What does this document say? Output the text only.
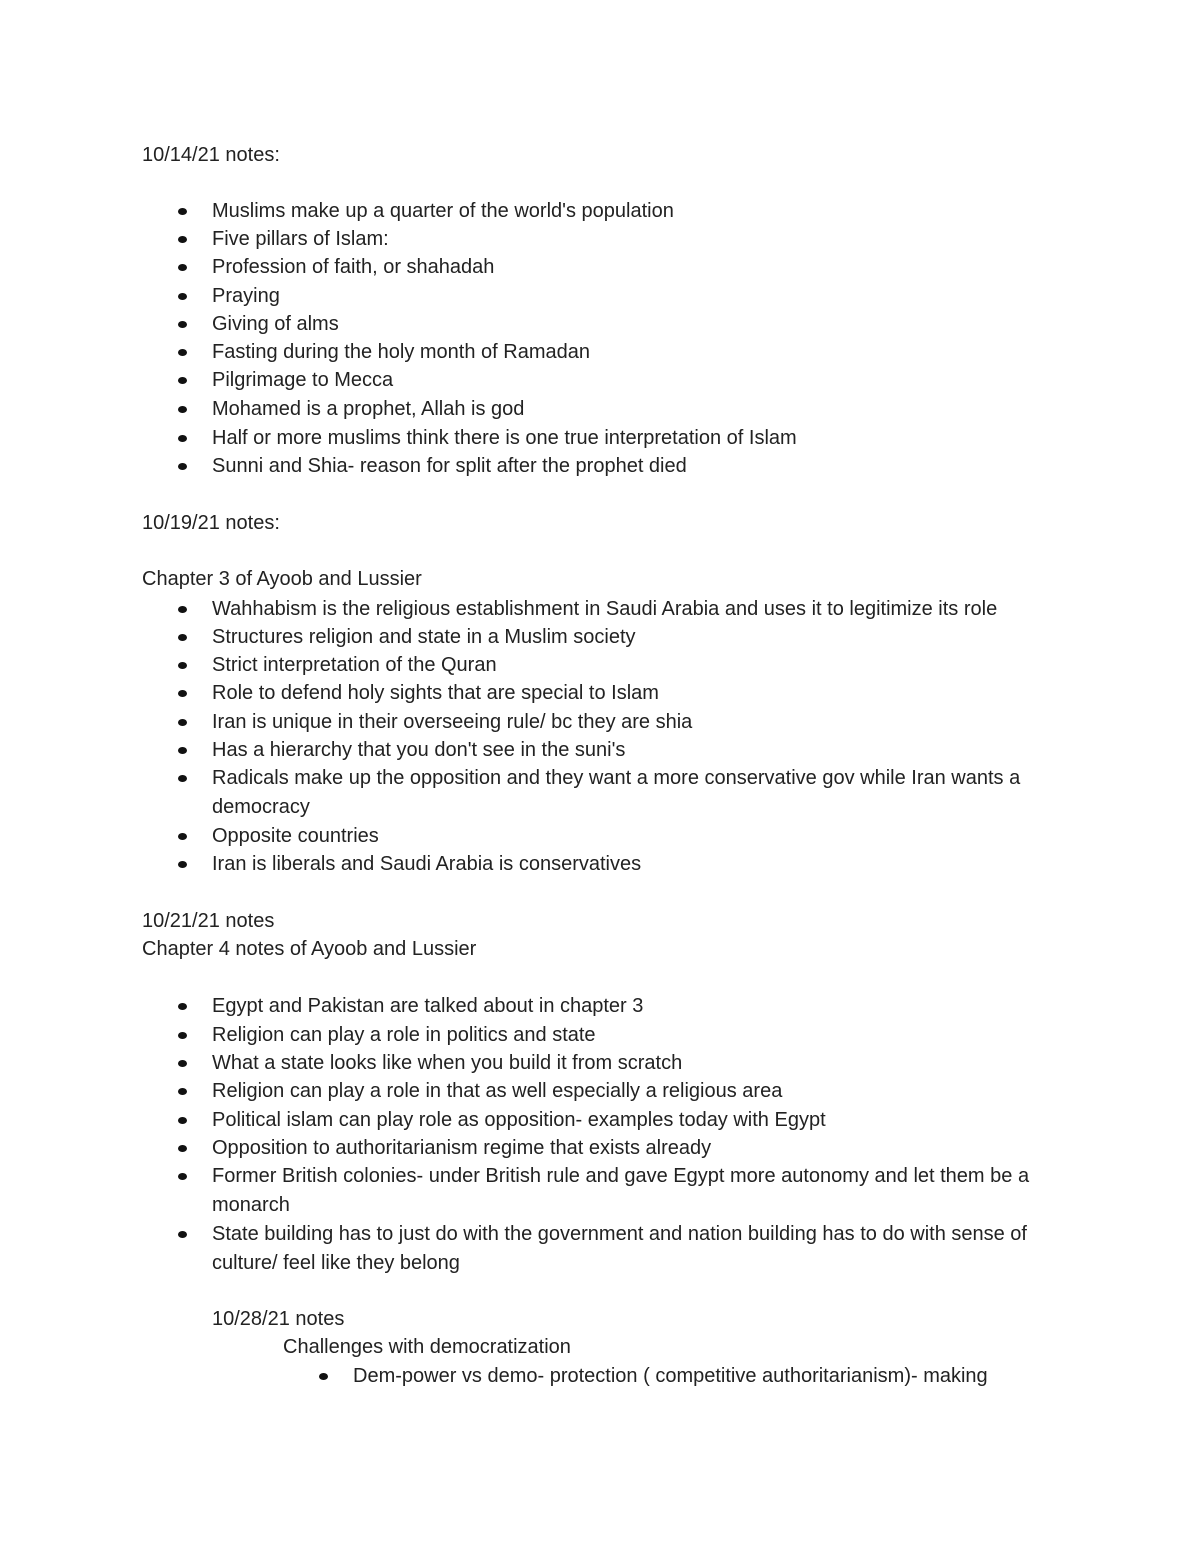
10/14/21 notes:
Muslims make up a quarter of the world's population
Five pillars of Islam:
Profession of faith, or shahadah
Praying
Giving of alms
Fasting during the holy month of Ramadan
Pilgrimage to Mecca
Mohamed is a prophet, Allah is god
Half or more muslims think there is one true interpretation of Islam
Sunni and Shia- reason for split after the prophet died
10/19/21 notes:
Chapter 3 of Ayoob and Lussier
Wahhabism is the religious establishment in Saudi Arabia and uses it to legitimize its role
Structures religion and state in a Muslim society
Strict interpretation of the Quran
Role to defend holy sights that are special to Islam
Iran is unique in their overseeing rule/ bc they are shia
Has a hierarchy that you don't see in the suni's
Radicals make up the opposition and they want a more conservative gov while Iran wants a democracy
Opposite countries
Iran is liberals and Saudi Arabia is conservatives
10/21/21 notes
Chapter 4 notes of Ayoob and Lussier
Egypt and Pakistan are talked about in chapter 3
Religion can play a role in politics and state
What a state looks like when you build it from scratch
Religion can play a role in that as well especially a religious area
Political islam can play role as opposition- examples today with Egypt
Opposition to authoritarianism regime that exists already
Former British colonies- under British rule and gave Egypt more autonomy and let them be a monarch
State building has to just do with the government and nation building has to do with sense of culture/ feel like they belong
10/28/21 notes
Challenges with democratization
Dem-power vs demo- protection ( competitive authoritarianism)- making
